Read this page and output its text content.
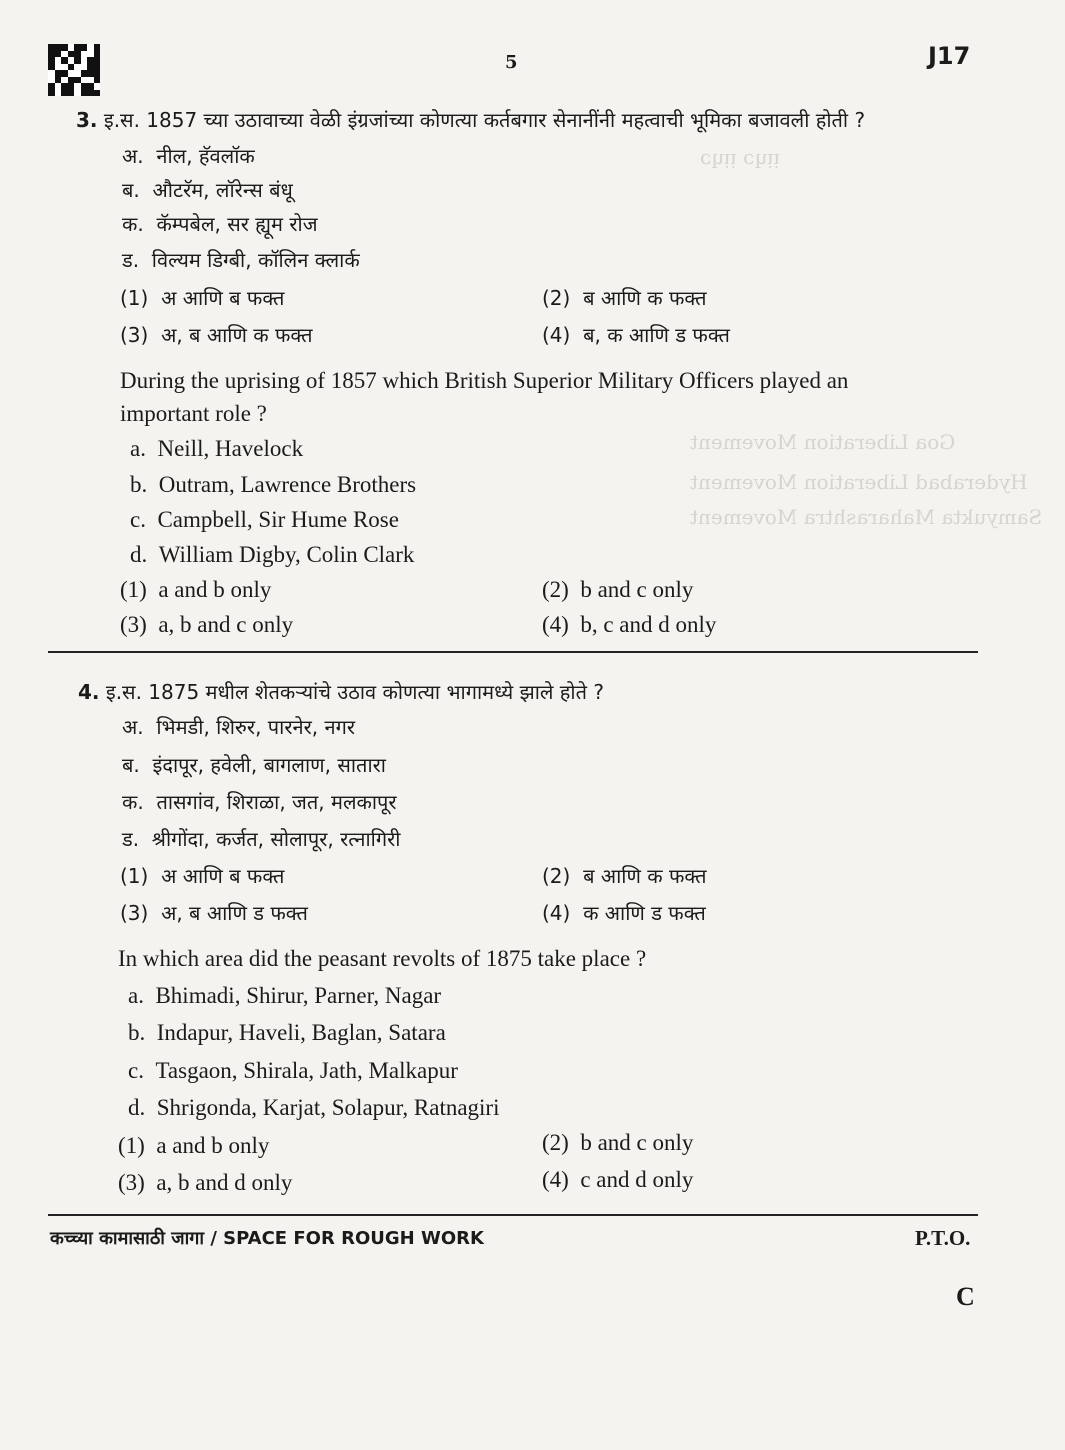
5	J17
ᴉᴉɥɔ ᴉᴉɥɔ
Goa Liberation Movement
Hyderabad Liberation Movement
Samyukta Maharashtra Movement
3. इ.स. 1857 च्या उठावाच्या वेळी इंग्रजांच्या कोणत्या कर्तबगार सेनानींनी महत्वाची भूमिका बजावली होती ?
अ. नील, हॅवलॉक
ब. औटरॅम, लॉरेन्स बंधू
क. कॅम्पबेल, सर ह्यूम रोज
ड. विल्यम डिग्बी, कॉलिन क्लार्क
(1) अ आणि ब फक्त	(2) ब आणि क फक्त
(3) अ, ब आणि क फक्त	(4) ब, क आणि ड फक्त
During the uprising of 1857 which British Superior Military Officers played an
important role ?
a. Neill, Havelock
b. Outram, Lawrence Brothers
c. Campbell, Sir Hume Rose
d. William Digby, Colin Clark
(1) a and b only	(2) b and c only
(3) a, b and c only	(4) b, c and d only
4. इ.स. 1875 मधील शेतकऱ्यांचे उठाव कोणत्या भागामध्ये झाले होते ?
अ. भिमडी, शिरुर, पारनेर, नगर
ब. इंदापूर, हवेली, बागलाण, सातारा
क. तासगांव, शिराळा, जत, मलकापूर
ड. श्रीगोंदा, कर्जत, सोलापूर, रत्नागिरी
(1) अ आणि ब फक्त	(2) ब आणि क फक्त
(3) अ, ब आणि ड फक्त	(4) क आणि ड फक्त
In which area did the peasant revolts of 1875 take place ?
a. Bhimadi, Shirur, Parner, Nagar
b. Indapur, Haveli, Baglan, Satara
c. Tasgaon, Shirala, Jath, Malkapur
d. Shrigonda, Karjat, Solapur, Ratnagiri
(1) a and b only	(2) b and c only
(3) a, b and d only	(4) c and d only
कच्च्या कामासाठी जागा / SPACE FOR ROUGH WORK	P.T.O.
C
